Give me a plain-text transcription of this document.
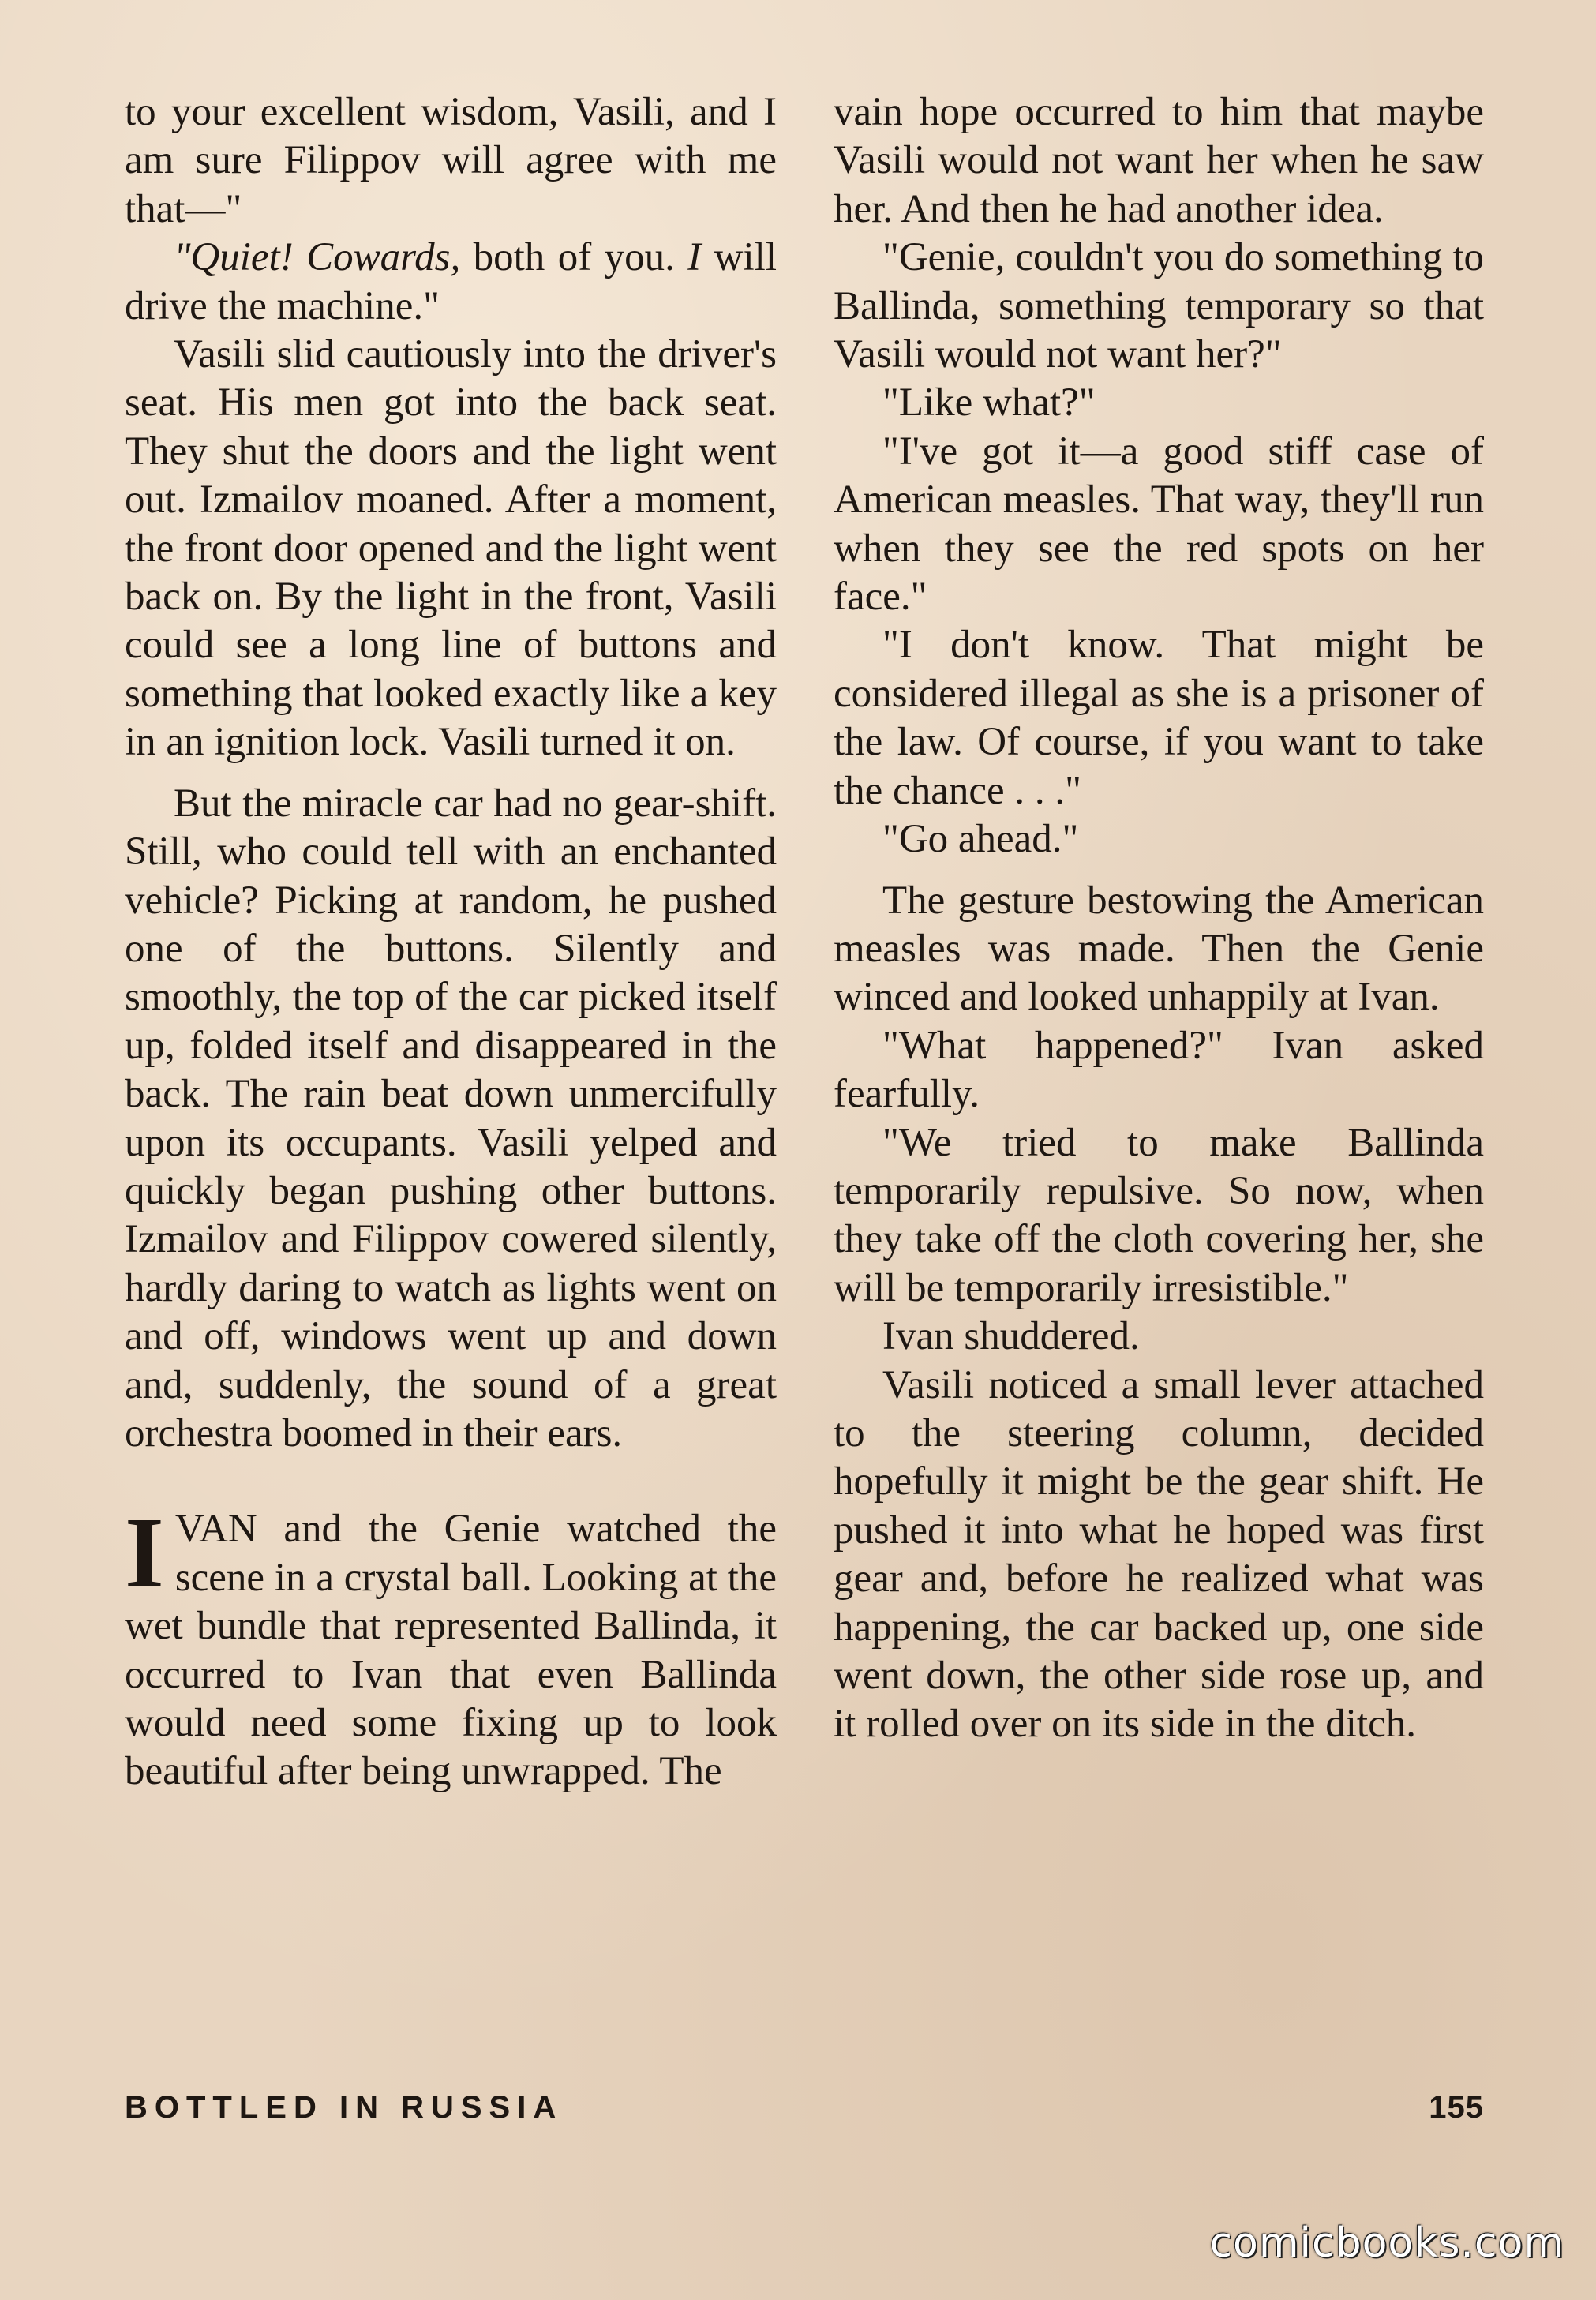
to your excellent wisdom, Vasili, and I am sure Filippov will agree with me that—"

"Quiet! Cowards, both of you. I will drive the machine."

Vasili slid cautiously into the driver's seat. His men got into the back seat. They shut the doors and the light went out. Izmailov moaned. After a moment, the front door opened and the light went back on. By the light in the front, Vasili could see a long line of buttons and something that looked exactly like a key in an ignition lock. Vasili turned it on.

But the miracle car had no gear-shift. Still, who could tell with an enchanted vehicle? Picking at random, he pushed one of the buttons. Silently and smoothly, the top of the car picked itself up, folded itself and disappeared in the back. The rain beat down unmercifully upon its occupants. Vasili yelped and quickly began pushing other buttons. Izmailov and Filippov cowered silently, hardly daring to watch as lights went on and off, windows went up and down and, suddenly, the sound of a great orchestra boomed in their ears.

IVAN and the Genie watched the scene in a crystal ball. Looking at the wet bundle that represented Ballinda, it occurred to Ivan that even Ballinda would need some fixing up to look beautiful after being unwrapped. The

vain hope occurred to him that maybe Vasili would not want her when he saw her. And then he had another idea.

"Genie, couldn't you do something to Ballinda, something temporary so that Vasili would not want her?"

"Like what?"

"I've got it—a good stiff case of American measles. That way, they'll run when they see the red spots on her face."

"I don't know. That might be considered illegal as she is a prisoner of the law. Of course, if you want to take the chance . . ."

"Go ahead."

The gesture bestowing the American measles was made. Then the Genie winced and looked unhappily at Ivan.

"What happened?" Ivan asked fearfully.

"We tried to make Ballinda temporarily repulsive. So now, when they take off the cloth covering her, she will be temporarily irresistible."

Ivan shuddered.

Vasili noticed a small lever attached to the steering column, decided hopefully it might be the gear shift. He pushed it into what he hoped was first gear and, before he realized what was happening, the car backed up, one side went down, the other side rose up, and it rolled over on its side in the ditch.

BOTTLED IN RUSSIA	155
comicbooks.com
